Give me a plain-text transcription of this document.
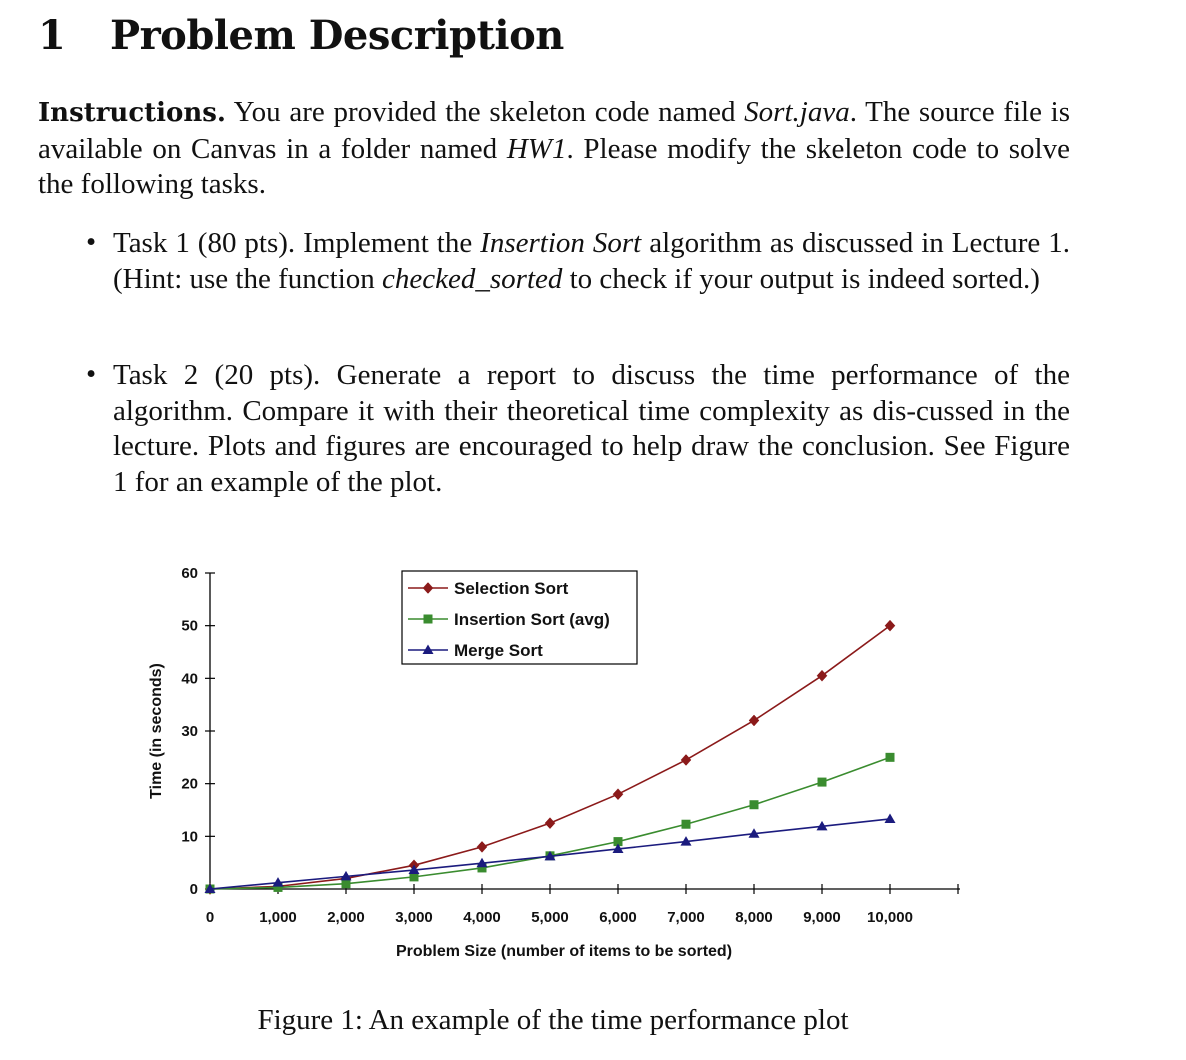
1 Problem Description
Instructions. You are provided the skeleton code named Sort.java. The source file is available on Canvas in a folder named HW1. Please modify the skeleton code to solve the following tasks.
• Task 1 (80 pts). Implement the Insertion Sort algorithm as discussed in Lecture 1. (Hint: use the function checked_sorted to check if your output is indeed sorted.)
• Task 2 (20 pts). Generate a report to discuss the time performance of the algorithm. Compare it with their theoretical time complexity as dis-cussed in the lecture. Plots and figures are encouraged to help draw the conclusion. See Figure 1 for an example of the plot.
0
10
20
30
40
50
60
0	1,000 2,000 3,000 4,000 5,000 6,000 7,000 8,000 9,000 10,000
Problem Size (number of items to be sorted)
Time (in seconds)
Selection Sort
Insertion Sort (avg)
Merge Sort
Figure 1: An example of the time performance plot
